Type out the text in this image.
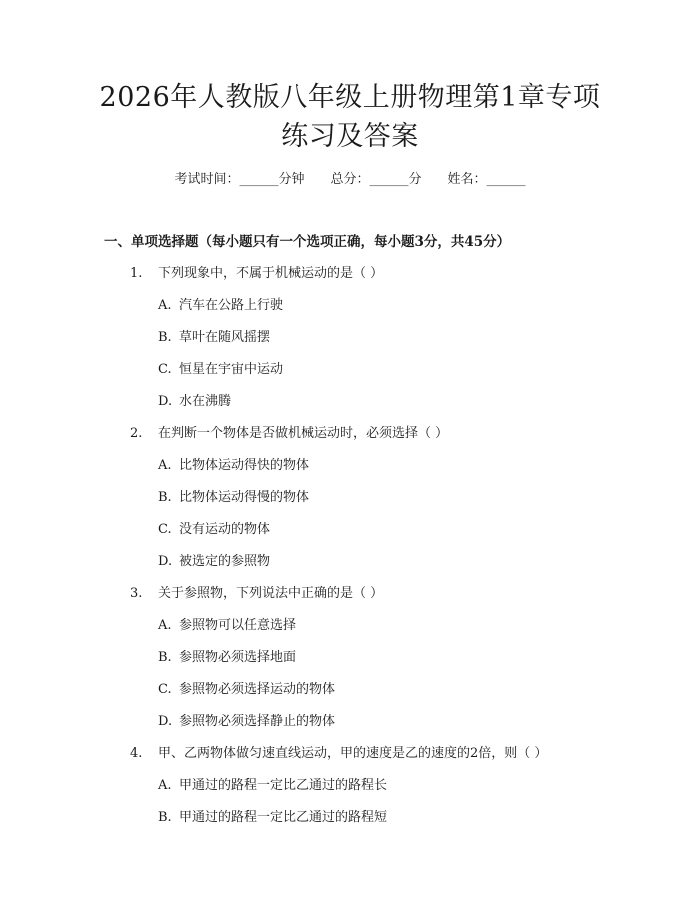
2026年人教版八年级上册物理第1章专项练习及答案
考试时间：______分钟 总分：______分 姓名：______
一、单项选择题（每小题只有一个选项正确，每小题3分，共45分）
1. 下列现象中，不属于机械运动的是（ ）
A. 汽车在公路上行驶
B. 草叶在随风摇摆
C. 恒星在宇宙中运动
D. 水在沸腾
2. 在判断一个物体是否做机械运动时，必须选择（ ）
A. 比物体运动得快的物体
B. 比物体运动得慢的物体
C. 没有运动的物体
D. 被选定的参照物
3. 关于参照物，下列说法中正确的是（ ）
A. 参照物可以任意选择
B. 参照物必须选择地面
C. 参照物必须选择运动的物体
D. 参照物必须选择静止的物体
4. 甲、乙两物体做匀速直线运动，甲的速度是乙的速度的2倍，则（ ）
A. 甲通过的路程一定比乙通过的路程长
B. 甲通过的路程一定比乙通过的路程短
